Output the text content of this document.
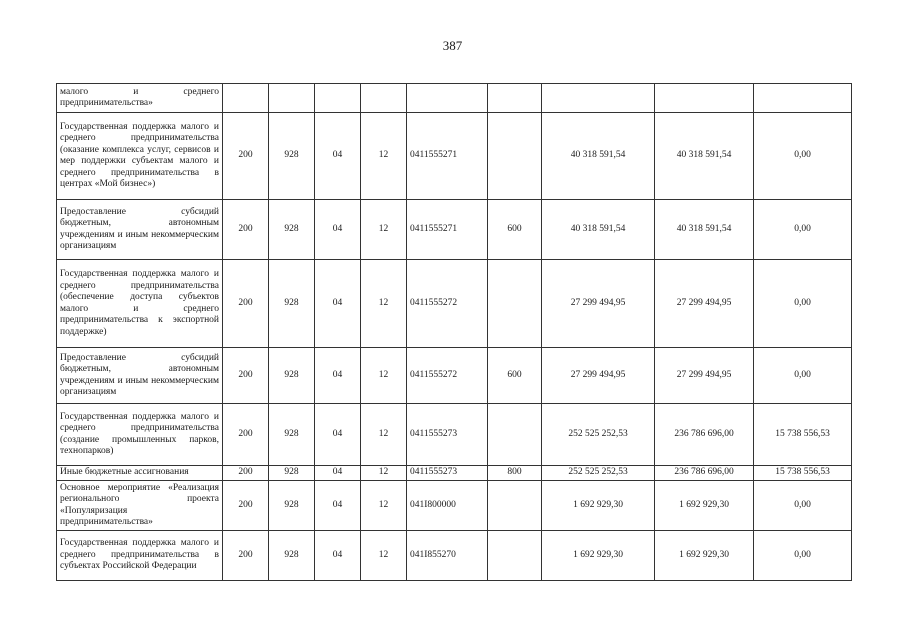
387
малого и среднего предпринимательства»									
Государственная поддержка малого и среднего предпринимательства (оказание комплекса услуг, сервисов и мер поддержки субъектам малого и среднего предпринимательства в центрах «Мой бизнес»)	200	928	04	12	0411555271		40 318 591,54	40 318 591,54	0,00
Предоставление субсидий бюджетным, автономным учреждениям и иным некоммерческим организациям	200	928	04	12	0411555271	600	40 318 591,54	40 318 591,54	0,00
Государственная поддержка малого и среднего предпринимательства (обеспечение доступа субъектов малого и среднего предпринимательства к экспортной поддержке)	200	928	04	12	0411555272		27 299 494,95	27 299 494,95	0,00
Предоставление субсидий бюджетным, автономным учреждениям и иным некоммерческим организациям	200	928	04	12	0411555272	600	27 299 494,95	27 299 494,95	0,00
Государственная поддержка малого и среднего предпринимательства (создание промышленных парков, технопарков)	200	928	04	12	0411555273		252 525 252,53	236 786 696,00	15 738 556,53
Иные бюджетные ассигнования	200	928	04	12	0411555273	800	252 525 252,53	236 786 696,00	15 738 556,53
Основное мероприятие «Реализация регионального проекта «Популяризация предпринимательства»	200	928	04	12	041I800000		1 692 929,30	1 692 929,30	0,00
Государственная поддержка малого и среднего предпринимательства в субъектах Российской Федерации	200	928	04	12	041I855270		1 692 929,30	1 692 929,30	0,00
